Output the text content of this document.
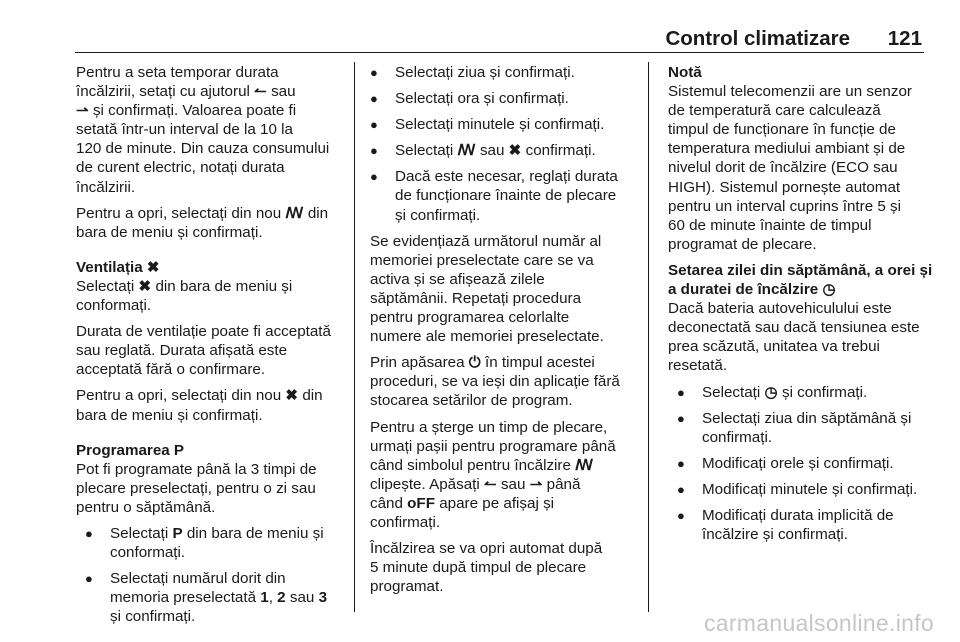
Control climatizare 121

Pentru a seta temporar durata
încălzirii, setați cu ajutorul ↼ sau
⇀ și confirmați. Valoarea poate fi
setată într-un interval de la 10 la
120 de minute. Din cauza consumului
de curent electric, notați durata
încălzirii.

Pentru a opri, selectați din nou ꟿ din
bara de meniu și confirmați.

Ventilația ✖

Selectați ✖ din bara de meniu și
conformați.

Durata de ventilație poate fi acceptată
sau reglată. Durata afișată este
acceptată fără o confirmare.

Pentru a opri, selectați din nou ✖ din
bara de meniu și confirmați.

Programarea P

Pot fi programate până la 3 timpi de
plecare preselectați, pentru o zi sau
pentru o săptămână.

● Selectați P din bara de meniu și
conformați.
● Selectați numărul dorit din
memoria preselectată 1, 2 sau 3
și confirmați.
● Selectați ziua și confirmați.
● Selectați ora și confirmați.
● Selectați minutele și confirmați.
● Selectați ꟿ sau ✖ confirmați.
● Dacă este necesar, reglați durata
de funcționare înainte de plecare
și confirmați.

Se evidențiază următorul număr al
memoriei preselectate care se va
activa și se afișează zilele
săptămânii. Repetați procedura
pentru programarea celorlalte
numere ale memoriei preselectate.

Prin apăsarea ⏻ în timpul acestei
proceduri, se va ieși din aplicație fără
stocarea setărilor de program.

Pentru a șterge un timp de plecare,
urmați pașii pentru programare până
când simbolul pentru încălzire ꟿ
clipește. Apăsați ↼ sau ⇀ până
când oFF apare pe afișaj și
confirmați.

Încălzirea se va opri automat după
5 minute după timpul de plecare
programat.

Notă

Sistemul telecomenzii are un senzor
de temperatură care calculează
timpul de funcționare în funcție de
temperatura mediului ambiant și de
nivelul dorit de încălzire (ECO sau
HIGH). Sistemul pornește automat
pentru un interval cuprins între 5 și
60 de minute înainte de timpul
programat de plecare.

Setarea zilei din săptămână, a orei și
a duratei de încălzire ◷

Dacă bateria autovehiculului este
deconectată sau dacă tensiunea este
prea scăzută, unitatea va trebui
resetată.

● Selectați ◷ și confirmați.
● Selectați ziua din săptămână și
confirmați.
● Modificați orele și confirmați.
● Modificați minutele și confirmați.
● Modificați durata implicită de
încălzire și confirmați.
carmanualsonline.info
